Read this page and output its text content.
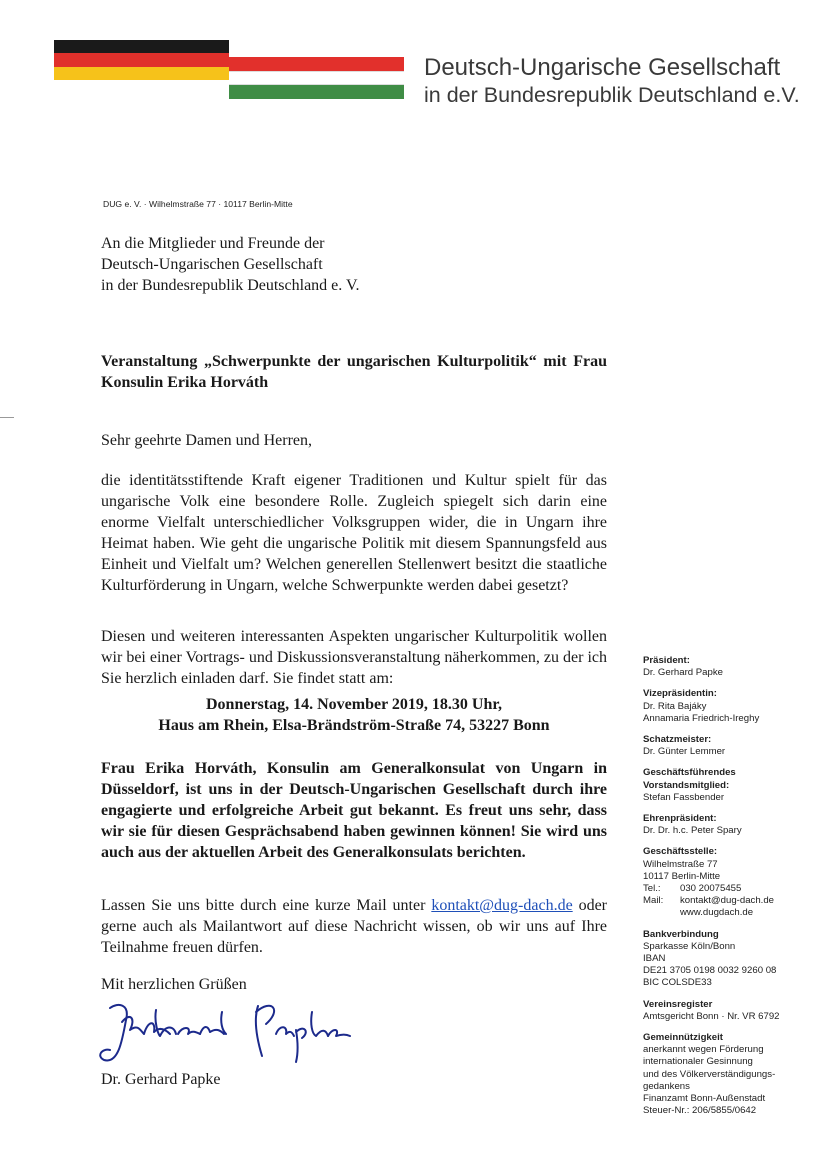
Deutsch-Ungarische Gesellschaft
in der Bundesrepublik Deutschland e.V.
DUG e. V. · Wilhelmstraße 77 · 10117 Berlin-Mitte
An die Mitglieder und Freunde der
Deutsch-Ungarischen Gesellschaft
in der Bundesrepublik Deutschland e. V.
Veranstaltung „Schwerpunkte der ungarischen Kulturpolitik“ mit Frau Konsulin Erika Horváth
Sehr geehrte Damen und Herren,
die identitätsstiftende Kraft eigener Traditionen und Kultur spielt für das ungarische Volk eine besondere Rolle. Zugleich spiegelt sich darin eine enorme Vielfalt unterschiedlicher Volksgruppen wider, die in Ungarn ihre Heimat haben. Wie geht die ungarische Politik mit diesem Spannungsfeld aus Einheit und Vielfalt um? Welchen generellen Stellenwert besitzt die staatliche Kulturförderung in Ungarn, welche Schwerpunkte werden dabei gesetzt?
Diesen und weiteren interessanten Aspekten ungarischer Kulturpolitik wollen wir bei einer Vortrags- und Diskussionsveranstaltung näherkommen, zu der ich Sie herzlich einladen darf. Sie findet statt am:
Donnerstag, 14. November 2019, 18.30 Uhr,
Haus am Rhein, Elsa-Brändström-Straße 74, 53227 Bonn
Frau Erika Horváth, Konsulin am Generalkonsulat von Ungarn in Düsseldorf, ist uns in der Deutsch-Ungarischen Gesellschaft durch ihre engagierte und erfolgreiche Arbeit gut bekannt. Es freut uns sehr, dass wir sie für diesen Gesprächsabend haben gewinnen können! Sie wird uns auch aus der aktuellen Arbeit des Generalkonsulats berichten.
Lassen Sie uns bitte durch eine kurze Mail unter kontakt@dug-dach.de oder gerne auch als Mailantwort auf diese Nachricht wissen, ob wir uns auf Ihre Teilnahme freuen dürfen.
Mit herzlichen Grüßen
Dr. Gerhard Papke
Präsident:
Dr. Gerhard Papke
Vizepräsidentin:
Dr. Rita Bajáky
Annamaria Friedrich-Ireghy
Schatzmeister:
Dr. Günter Lemmer
Geschäftsführendes
Vorstandsmitglied:
Stefan Fassbender
Ehrenpräsident:
Dr. Dr. h.c. Peter Spary
Geschäftsstelle:
Wilhelmstraße 77
10117 Berlin-Mitte
Tel.: 030 20075455
Mail: kontakt@dug-dach.de
www.dugdach.de
Bankverbindung
Sparkasse Köln/Bonn
IBAN
DE21 3705 0198 0032 9260 08
BIC COLSDE33
Vereinsregister
Amtsgericht Bonn · Nr. VR 6792
Gemeinnützigkeit
anerkannt wegen Förderung
internationaler Gesinnung
und des Völkerverständigungs-
gedankens
Finanzamt Bonn-Außenstadt
Steuer-Nr.: 206/5855/0642
